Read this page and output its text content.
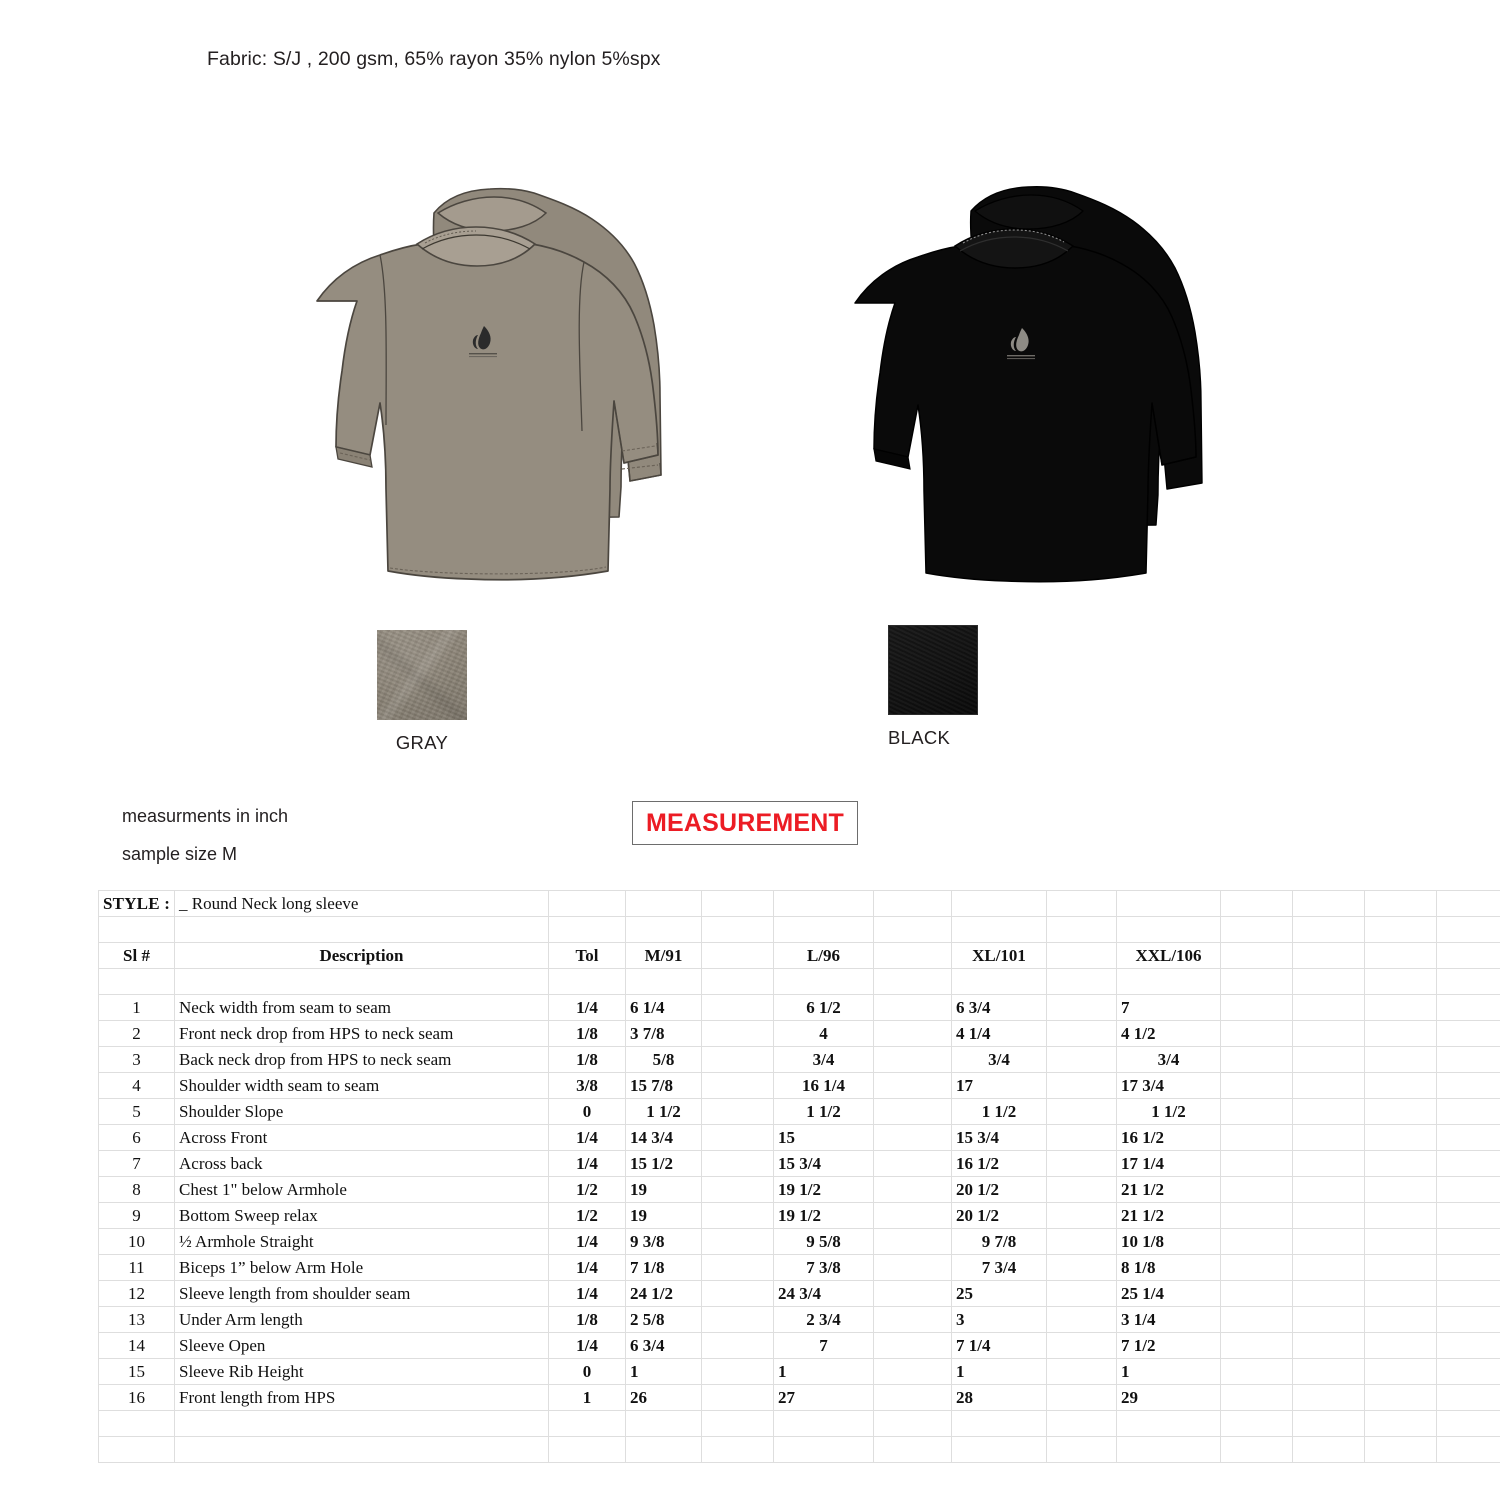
Fabric: S/J , 200 gsm, 65% rayon 35% nylon 5%spx
GRAY	BLACK
measurments in inch
sample size M
MEASUREMENT
STYLE :	_ Round Neck long sleeve												

Sl #	Description	Tol	M/91		L/96		XL/101		XXL/106				

1	Neck width from seam to seam	1/4	6 1/4		6 1/2		6 3/4		7				
2	Front neck drop from HPS to neck seam	1/8	3 7/8		4		4 1/4		4 1/2				
3	Back neck drop from HPS to neck seam	1/8	5/8		3/4		3/4		3/4				
4	Shoulder width seam to seam	3/8	15 7/8		16 1/4		17		17 3/4				
5	Shoulder Slope	0	1 1/2		1 1/2		1 1/2		1 1/2				
6	Across Front	1/4	14 3/4		15		15 3/4		16 1/2				
7	Across back	1/4	15 1/2		15 3/4		16 1/2		17 1/4				
8	Chest 1" below Armhole	1/2	19		19 1/2		20 1/2		21 1/2				
9	Bottom Sweep relax	1/2	19		19 1/2		20 1/2		21 1/2				
10	½ Armhole Straight	1/4	9 3/8		9 5/8		9 7/8		10 1/8				
11	Biceps 1” below Arm Hole	1/4	7 1/8		7 3/8		7 3/4		8 1/8				
12	Sleeve length from shoulder seam	1/4	24 1/2		24 3/4		25		25 1/4				
13	Under Arm length	1/8	2 5/8		2 3/4		3		3 1/4				
14	Sleeve Open	1/4	6 3/4		7		7 1/4		7 1/2				
15	Sleeve Rib Height	0	1		1		1		1				
16	Front length from HPS	1	26		27		28		29				
